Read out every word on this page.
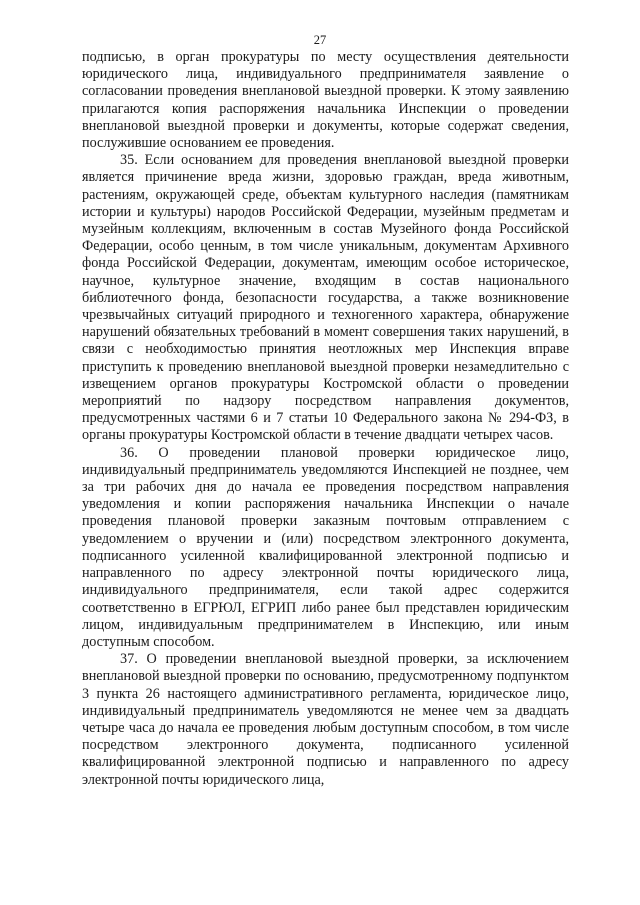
27

подписью, в орган прокуратуры по месту осуществления деятельности юридического лица, индивидуального предпринимателя заявление о согласовании проведения внеплановой выездной проверки. К этому заявлению прилагаются копия распоряжения начальника Инспекции о проведении внеплановой выездной проверки и документы, которые содержат сведения, послужившие основанием ее проведения.

35. Если основанием для проведения внеплановой выездной проверки является причинение вреда жизни, здоровью граждан, вреда животным, растениям, окружающей среде, объектам культурного наследия (памятникам истории и культуры) народов Российской Федерации, музейным предметам и музейным коллекциям, включенным в состав Музейного фонда Российской Федерации, особо ценным, в том числе уникальным, документам Архивного фонда Российской Федерации, документам, имеющим особое историческое, научное, культурное значение, входящим в состав национального библиотечного фонда, безопасности государства, а также возникновение чрезвычайных ситуаций природного и техногенного характера, обнаружение нарушений обязательных требований в момент совершения таких нарушений, в связи с необходимостью принятия неотложных мер Инспекция вправе приступить к проведению внеплановой выездной проверки незамедлительно с извещением органов прокуратуры Костромской области о проведении мероприятий по надзору посредством направления документов, предусмотренных частями 6 и 7 статьи 10 Федерального закона № 294-ФЗ, в органы прокуратуры Костромской области в течение двадцати четырех часов.

36. О проведении плановой проверки юридическое лицо, индивидуальный предприниматель уведомляются Инспекцией не позднее, чем за три рабочих дня до начала ее проведения посредством направления уведомления и копии распоряжения начальника Инспекции о начале проведения плановой проверки заказным почтовым отправлением с уведомлением о вручении и (или) посредством электронного документа, подписанного усиленной квалифицированной электронной подписью и направленного по адресу электронной почты юридического лица, индивидуального предпринимателя, если такой адрес содержится соответственно в ЕГРЮЛ, ЕГРИП либо ранее был представлен юридическим лицом, индивидуальным предпринимателем в Инспекцию, или иным доступным способом.

37. О проведении внеплановой выездной проверки, за исключением внеплановой выездной проверки по основанию, предусмотренному подпунктом 3 пункта 26 настоящего административного регламента, юридическое лицо, индивидуальный предприниматель уведомляются не менее чем за двадцать четыре часа до начала ее проведения любым доступным способом, в том числе посредством электронного документа, подписанного усиленной квалифицированной электронной подписью и направленного по адресу электронной почты юридического лица,
